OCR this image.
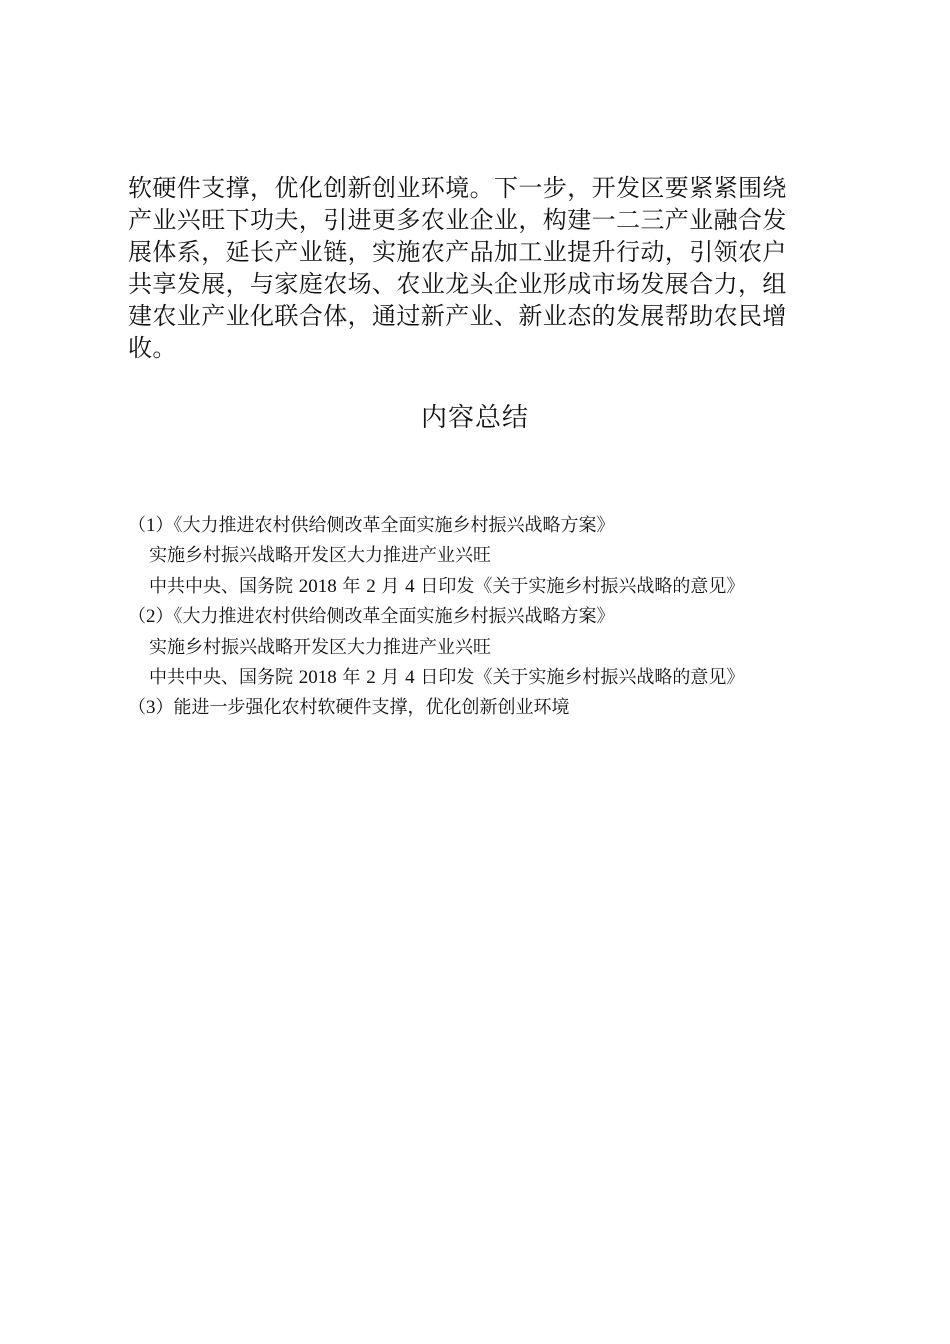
软硬件支撑，优化创新创业环境。下一步，开发区要紧紧围绕
产业兴旺下功夫，引进更多农业企业，构建一二三产业融合发
展体系，延长产业链，实施农产品加工业提升行动，引领农户
共享发展，与家庭农场、农业龙头企业形成市场发展合力，组
建农业产业化联合体，通过新产业、新业态的发展帮助农民增
收。

内容总结
（1）《大力推进农村供给侧改革全面实施乡村振兴战略方案》
实施乡村振兴战略开发区大力推进产业兴旺
中共中央、国务院 2018 年 2 月 4 日印发《关于实施乡村振兴战略的意见》
（2）《大力推进农村供给侧改革全面实施乡村振兴战略方案》
实施乡村振兴战略开发区大力推进产业兴旺
中共中央、国务院 2018 年 2 月 4 日印发《关于实施乡村振兴战略的意见》
（3）能进一步强化农村软硬件支撑，优化创新创业环境
